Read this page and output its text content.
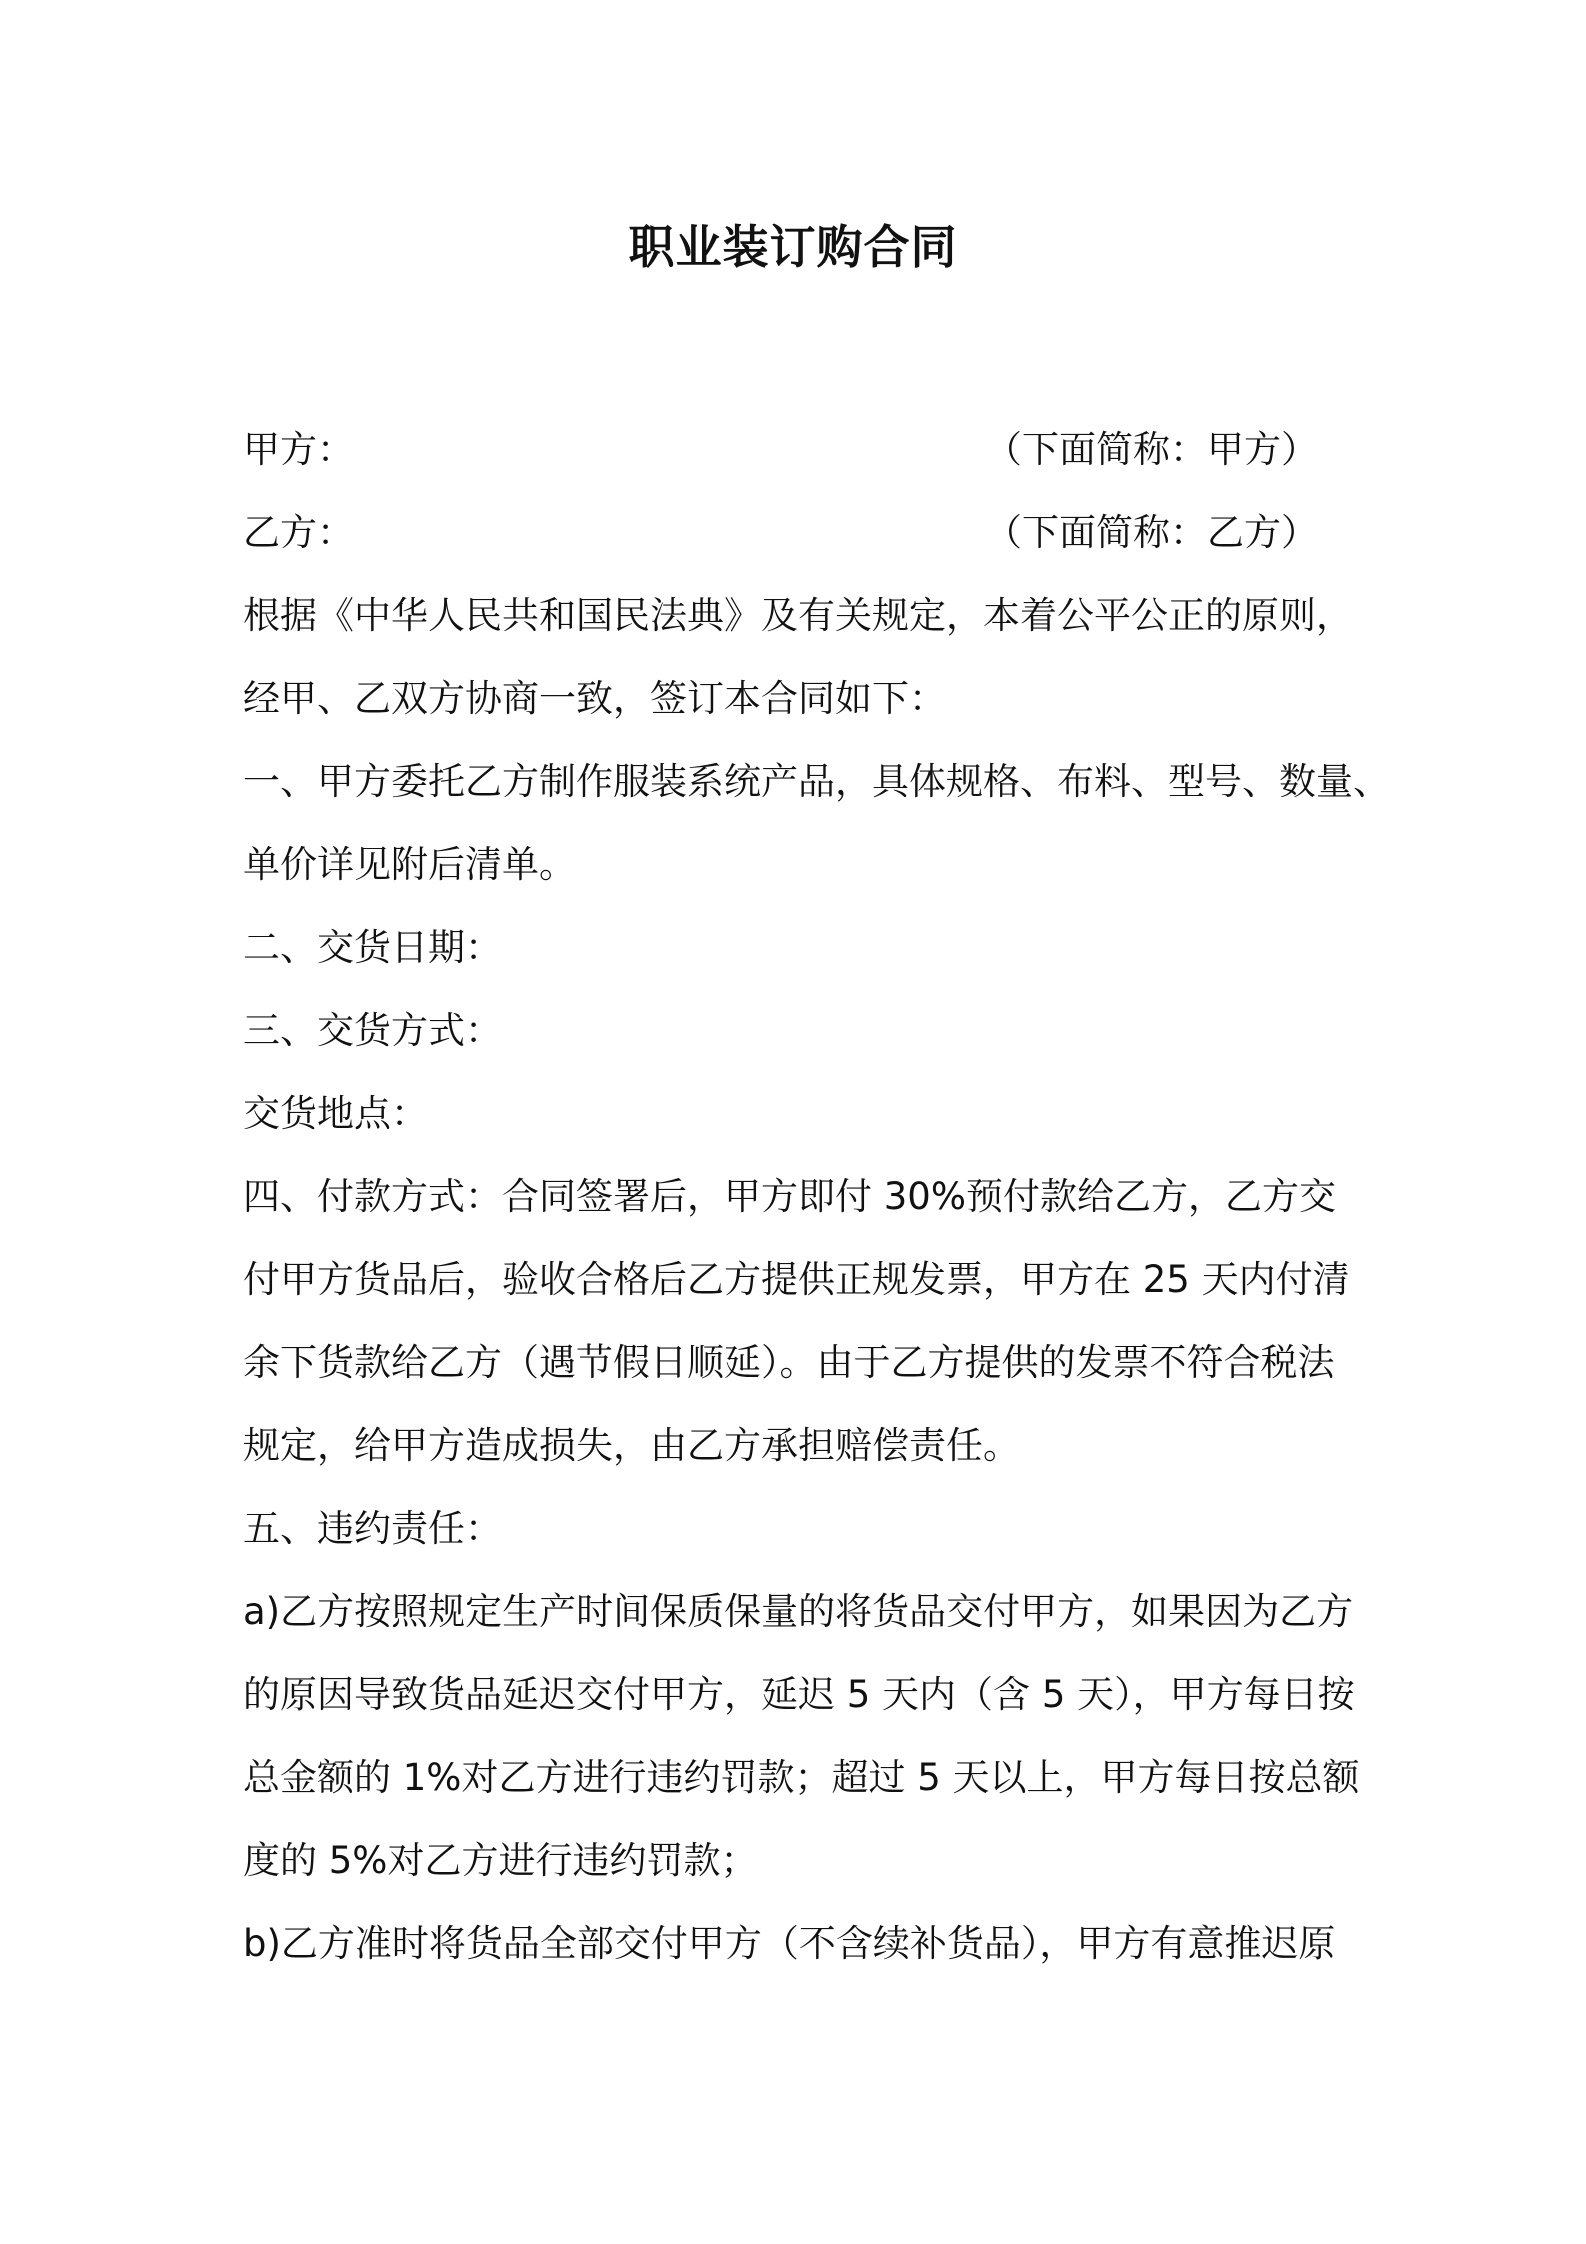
职业装订购合同
甲方：	（下面简称：甲方）
乙方：	（下面简称：乙方）
根据《中华人民共和国民法典》及有关规定，本着公平公正的原则，
经甲、乙双方协商一致，签订本合同如下：
一、甲方委托乙方制作服装系统产品，具体规格、布料、型号、数量、
单价详见附后清单。
二、交货日期：
三、交货方式：
交货地点：
四、付款方式：合同签署后，甲方即付 30%预付款给乙方，乙方交
付甲方货品后，验收合格后乙方提供正规发票，甲方在 25 天内付清
余下货款给乙方（遇节假日顺延）。由于乙方提供的发票不符合税法
规定，给甲方造成损失，由乙方承担赔偿责任。
五、违约责任：
a)乙方按照规定生产时间保质保量的将货品交付甲方，如果因为乙方
的原因导致货品延迟交付甲方，延迟 5 天内（含 5 天），甲方每日按
总金额的 1%对乙方进行违约罚款；超过 5 天以上，甲方每日按总额
度的 5%对乙方进行违约罚款；
b)乙方准时将货品全部交付甲方（不含续补货品），甲方有意推迟原
